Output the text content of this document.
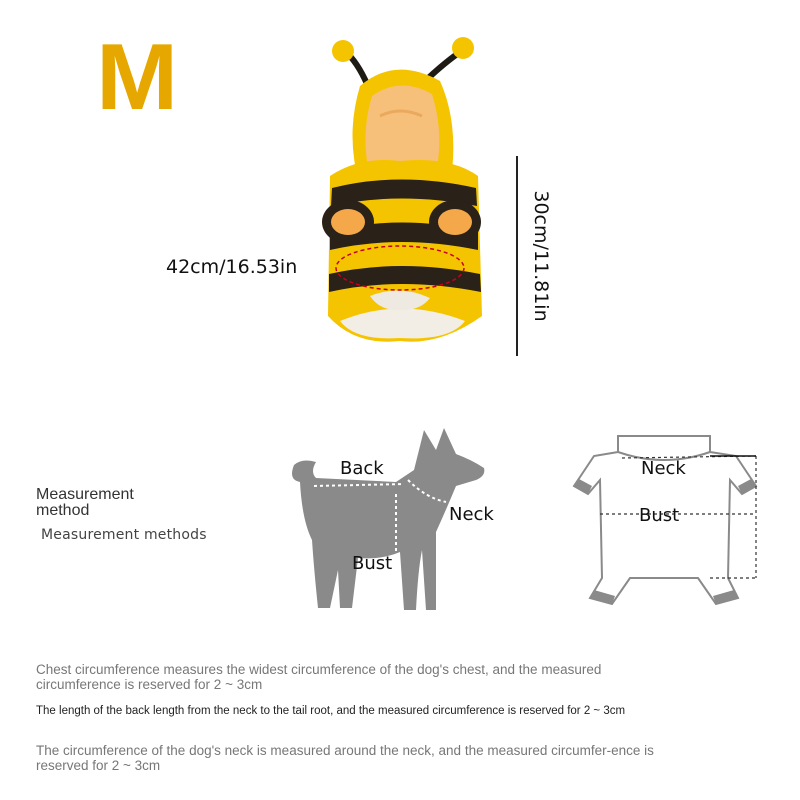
M
42cm/16.53in	30cm/11.81in
Measurement method
Measurement methods
Back
Neck
Bust
Neck
Bust
Chest circumference measures the widest circumference of the dog's chest, and the measured circumference is reserved for 2 ~ 3cm
The length of the back length from the neck to the tail root, and the measured circumference is reserved for 2 ~ 3cm
The circumference of the dog's neck is measured around the neck, and the measured circumfer-ence is reserved for 2 ~ 3cm
